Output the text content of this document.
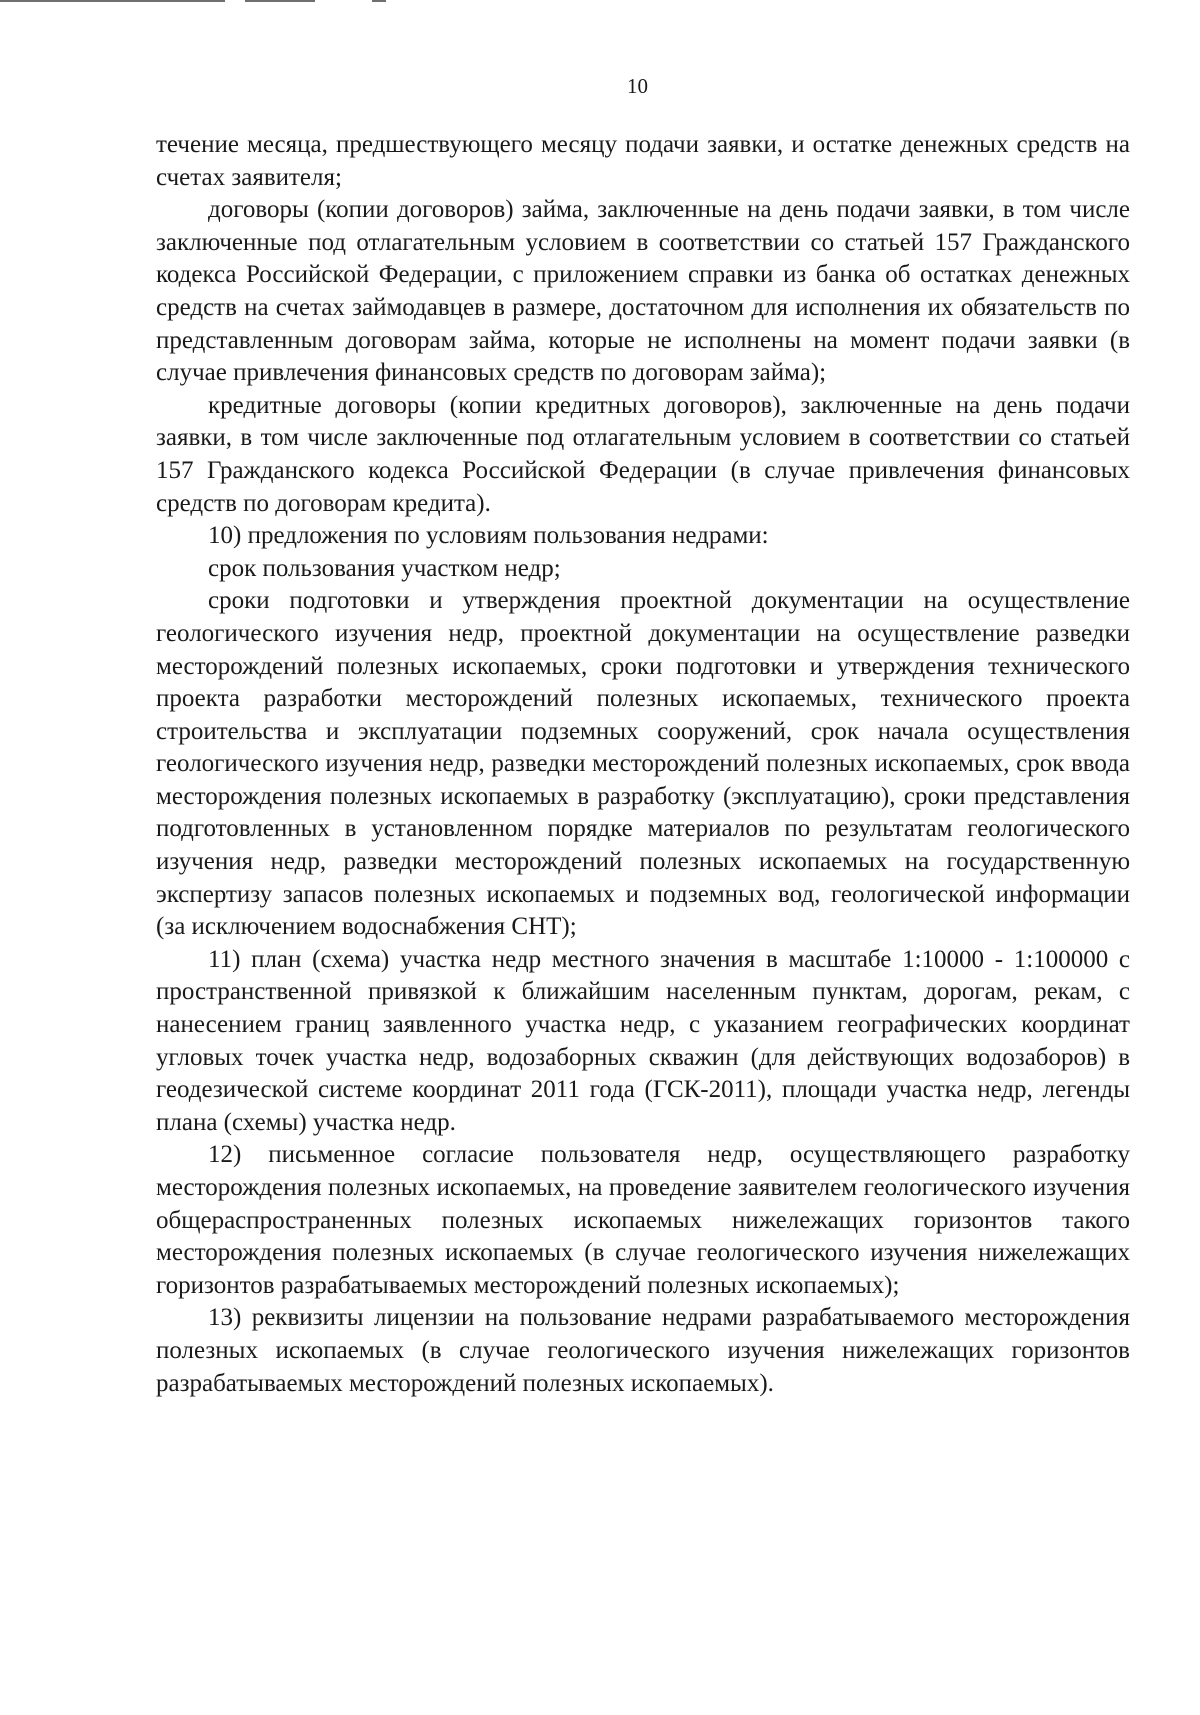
10

течение месяца, предшествующего месяцу подачи заявки, и остатке денежных средств на счетах заявителя;

договоры (копии договоров) займа, заключенные на день подачи заявки, в том числе заключенные под отлагательным условием в соответствии со статьей 157 Гражданского кодекса Российской Федерации, с приложением справки из банка об остатках денежных средств на счетах займодавцев в размере, достаточном для исполнения их обязательств по представленным договорам займа, которые не исполнены на момент подачи заявки (в случае привлечения финансовых средств по договорам займа);

кредитные договоры (копии кредитных договоров), заключенные на день подачи заявки, в том числе заключенные под отлагательным условием в соответствии со статьей 157 Гражданского кодекса Российской Федерации (в случае привлечения финансовых средств по договорам кредита).

10) предложения по условиям пользования недрами:

срок пользования участком недр;

сроки подготовки и утверждения проектной документации на осуществление геологического изучения недр, проектной документации на осуществление разведки месторождений полезных ископаемых, сроки подготовки и утверждения технического проекта разработки месторождений полезных ископаемых, технического проекта строительства и эксплуатации подземных сооружений, срок начала осуществления геологического изучения недр, разведки месторождений полезных ископаемых, срок ввода месторождения полезных ископаемых в разработку (эксплуатацию), сроки представления подготовленных в установленном порядке материалов по результатам геологического изучения недр, разведки месторождений полезных ископаемых на государственную экспертизу запасов полезных ископаемых и подземных вод, геологической информации (за исключением водоснабжения СНТ);

11) план (схема) участка недр местного значения в масштабе 1:10000 - 1:100000 с пространственной привязкой к ближайшим населенным пунктам, дорогам, рекам, с нанесением границ заявленного участка недр, с указанием географических координат угловых точек участка недр, водозаборных скважин (для действующих водозаборов) в геодезической системе координат 2011 года (ГСК-2011), площади участка недр, легенды плана (схемы) участка недр.

12) письменное согласие пользователя недр, осуществляющего разработку месторождения полезных ископаемых, на проведение заявителем геологического изучения общераспространенных полезных ископаемых нижележащих горизонтов такого месторождения полезных ископаемых (в случае геологического изучения нижележащих горизонтов разрабатываемых месторождений полезных ископаемых);

13) реквизиты лицензии на пользование недрами разрабатываемого месторождения полезных ископаемых (в случае геологического изучения нижележащих горизонтов разрабатываемых месторождений полезных ископаемых).
